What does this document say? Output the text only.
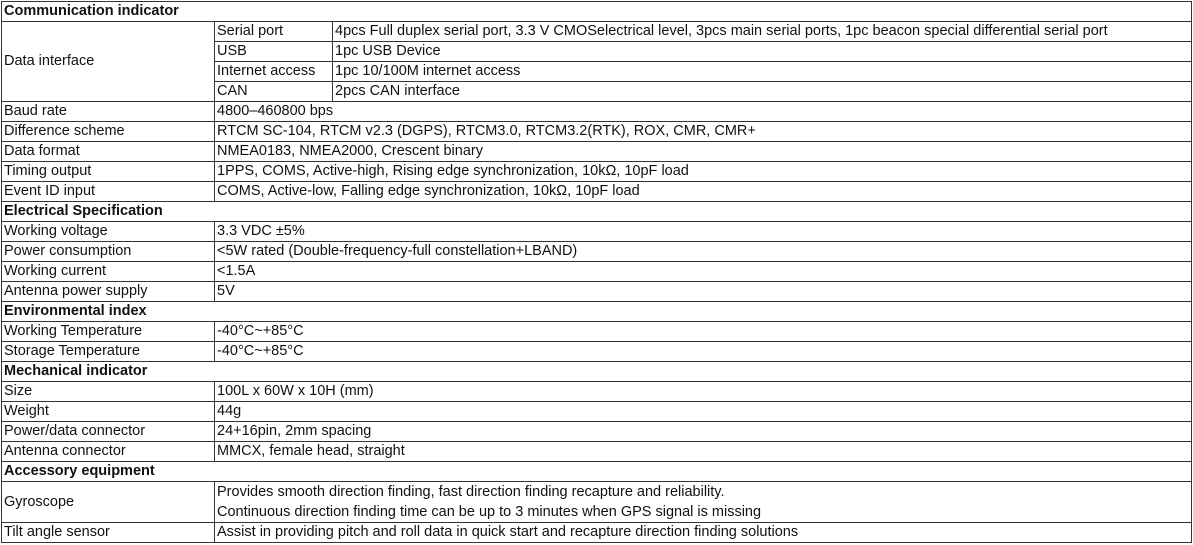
Communication indicator		
Data interface	Serial port	4pcs Full duplex serial port, 3.3 V CMOSelectrical level, 3pcs main serial ports, 1pc beacon special differential serial port
	USB	1pc USB Device
	Internet access	1pc 10/100M internet access
	CAN	2pcs CAN interface
Baud rate	4800–460800 bps	
Difference scheme	RTCM SC-104, RTCM v2.3 (DGPS), RTCM3.0, RTCM3.2(RTK), ROX, CMR, CMR+	
Data format	NMEA0183, NMEA2000, Crescent binary	
Timing output	1PPS, COMS, Active-high, Rising edge synchronization, 10kΩ, 10pF load	
Event ID input	COMS, Active-low, Falling edge synchronization, 10kΩ, 10pF load	
Electrical Specification		
Working voltage	3.3 VDC ±5%	
Power consumption	<5W rated (Double-frequency-full constellation+LBAND)	
Working current	<1.5A	
Antenna power supply	5V	
Environmental index		
Working Temperature	-40°C~+85°C	
Storage Temperature	-40°C~+85°C	
Mechanical indicator		
Size	100L x 60W x 10H (mm)	
Weight	44g	
Power/data connector	24+16pin, 2mm spacing	
Antenna connector	MMCX, female head, straight	
Accessory equipment		
Gyroscope	Provides smooth direction finding, fast direction finding recapture and reliability.
Continuous direction finding time can be up to 3 minutes when GPS signal is missing	

Tilt angle sensor	Assist in providing pitch and roll data in quick start and recapture direction finding solutions	
